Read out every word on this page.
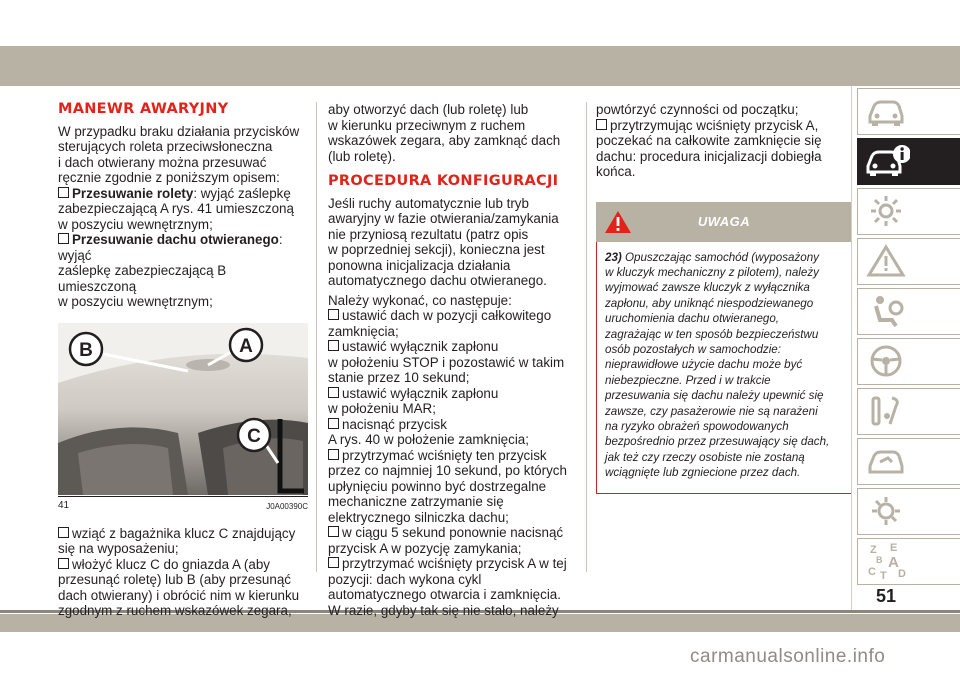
MANEWR AWARYJNY

W przypadku braku działania przycisków
sterujących roleta przeciwsłoneczna
i dach otwierany można przesuwać
ręcznie zgodnie z poniższym opisem:

Przesuwanie rolety: wyjąć zaślepkę
zabezpieczającą A rys. 41 umieszczoną
w poszyciu wewnętrznym;
Przesuwanie dachu otwieranego: wyjąć
zaślepkę zabezpieczającą B umieszczoną
w poszyciu wewnętrznym;
B	A
C
41	J0A00390C
wziąć z bagażnika klucz C znajdujący
się na wyposażeniu;
włożyć klucz C do gniazda A (aby
przesunąć roletę) lub B (aby przesunąć
dach otwierany) i obrócić nim w kierunku
zgodnym z ruchem wskazówek zegara,

aby otworzyć dach (lub roletę) lub
w kierunku przeciwnym z ruchem
wskazówek zegara, aby zamknąć dach
(lub roletę).

PROCEDURA KONFIGURACJI

Jeśli ruchy automatycznie lub tryb
awaryjny w fazie otwierania/zamykania
nie przyniosą rezultatu (patrz opis
w poprzedniej sekcji), konieczna jest
ponowna inicjalizacja działania
automatycznego dachu otwieranego.

Należy wykonać, co następuje:

ustawić dach w pozycji całkowitego
zamknięcia;
ustawić wyłącznik zapłonu
w położeniu STOP i pozostawić w takim
stanie przez 10 sekund;
ustawić wyłącznik zapłonu
w położeniu MAR;
nacisnąć przycisk
A rys. 40 w położenie zamknięcia;
przytrzymać wciśnięty ten przycisk
przez co najmniej 10 sekund, po których
upłynięciu powinno być dostrzegalne
mechaniczne zatrzymanie się
elektrycznego silniczka dachu;
w ciągu 5 sekund ponownie nacisnąć
przycisk A w pozycję zamykania;
przytrzymać wciśnięty przycisk A w tej
pozycji: dach wykona cykl
automatycznego otwarcia i zamknięcia.
W razie, gdyby tak się nie stało, należy

powtórzyć czynności od początku;

przytrzymując wciśnięty przycisk A,
poczekać na całkowite zamknięcie się
dachu: procedura inicjalizacji dobiegła
końca.
UWAGA
23) Opuszczając samochód (wyposażony
w kluczyk mechaniczny z pilotem), należy
wyjmować zawsze kluczyk z wyłącznika
zapłonu, aby uniknąć niespodziewanego
uruchomienia dachu otwieranego,
zagrażając w ten sposób bezpieczeństwu
osób pozostałych w samochodzie:
nieprawidłowe użycie dachu może być
niebezpieczne. Przed i w trakcie
przesuwania się dachu należy upewnić się
zawsze, czy pasażerowie nie są narażeni
na ryzyko obrażeń spowodowanych
bezpośrednio przez przesuwający się dach,
jak też czy rzeczy osobiste nie zostaną
wciągnięte lub zgniecione przez dach.
Z E
B A
C T D
51
carmanualsonline.info
